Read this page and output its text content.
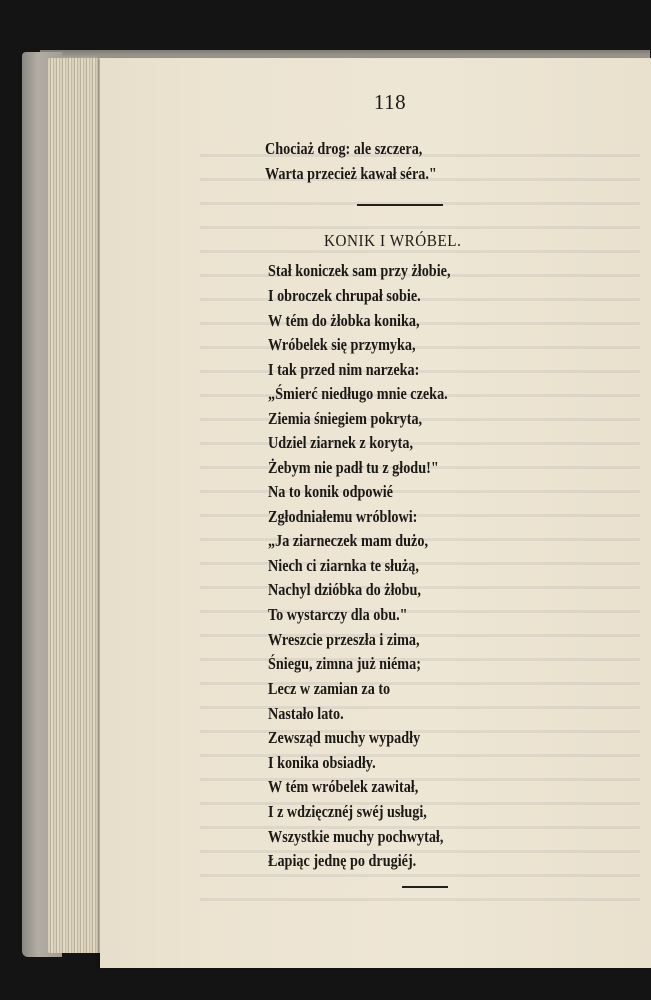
118
Chociaż drog: ale szczera,
Warta przecież kawał séra."
KONIK I WRÓBEL.
Stał koniczek sam przy żłobie,
I obroczek chrupał sobie.
W tém do żłobka konika,
Wróbelek się przymyka,
I tak przed nim narzeka:
„Śmierć niedługo mnie czeka.
Ziemia śniegiem pokryta,
Udziel ziarnek z koryta,
Żebym nie padł tu z głodu!"
Na to konik odpowié
Zgłodniałemu wróblowi:
„Ja ziarneczek mam dużo,
Niech ci ziarnka te służą,
Nachyl dzióbka do żłobu,
To wystarczy dla obu."
Wreszcie przeszła i zima,
Śniegu, zimna już niéma;
Lecz w zamian za to
Nastało lato.
Zewsząd muchy wypadły
I konika obsiadły.
W tém wróbelek zawitał,
I z wdzięcznéj swéj usługi,
Wszystkie muchy pochwytał,
Łapiąc jednę po drugiéj.
